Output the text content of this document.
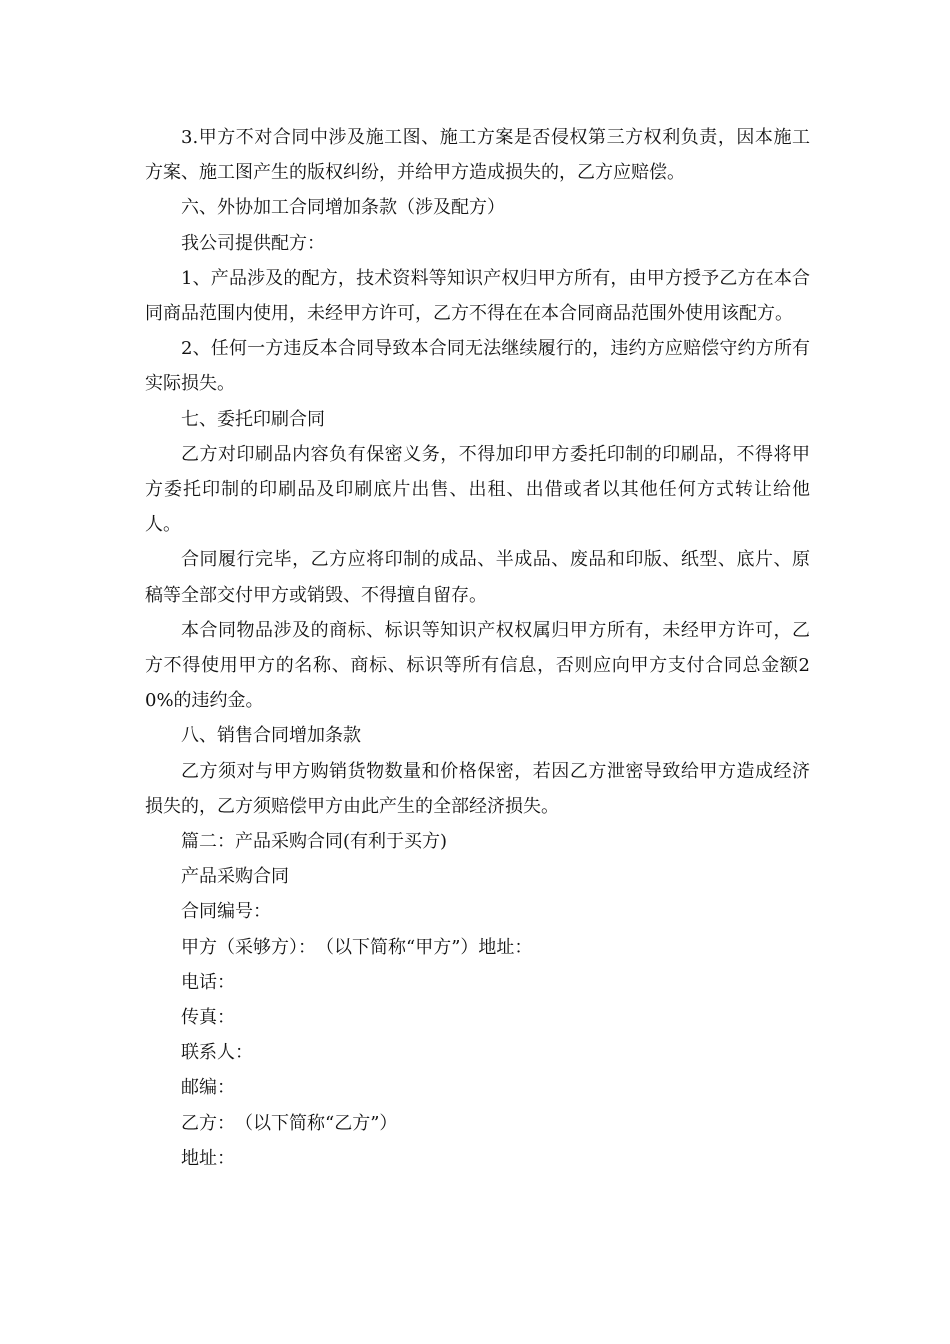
3.甲方不对合同中涉及施工图、施工方案是否侵权第三方权利负责，因本施工方案、施工图产生的版权纠纷，并给甲方造成损失的，乙方应赔偿。

六、外协加工合同增加条款（涉及配方）

我公司提供配方：

1、产品涉及的配方，技术资料等知识产权归甲方所有，由甲方授予乙方在本合同商品范围内使用，未经甲方许可，乙方不得在在本合同商品范围外使用该配方。

2、任何一方违反本合同导致本合同无法继续履行的，违约方应赔偿守约方所有实际损失。

七、委托印刷合同

乙方对印刷品内容负有保密义务，不得加印甲方委托印制的印刷品，不得将甲方委托印制的印刷品及印刷底片出售、出租、出借或者以其他任何方式转让给他人。

合同履行完毕，乙方应将印制的成品、半成品、废品和印版、纸型、底片、原稿等全部交付甲方或销毁、不得擅自留存。

本合同物品涉及的商标、标识等知识产权权属归甲方所有，未经甲方许可，乙方不得使用甲方的名称、商标、标识等所有信息，否则应向甲方支付合同总金额20%的违约金。

八、销售合同增加条款

乙方须对与甲方购销货物数量和价格保密，若因乙方泄密导致给甲方造成经济损失的，乙方须赔偿甲方由此产生的全部经济损失。

篇二：产品采购合同(有利于买方)

产品采购合同

合同编号：

甲方（采够方）：　（以下简称“甲方”）地址：

电话：

传真：

联系人：

邮编：

乙方：　（以下简称“乙方”）

地址：
